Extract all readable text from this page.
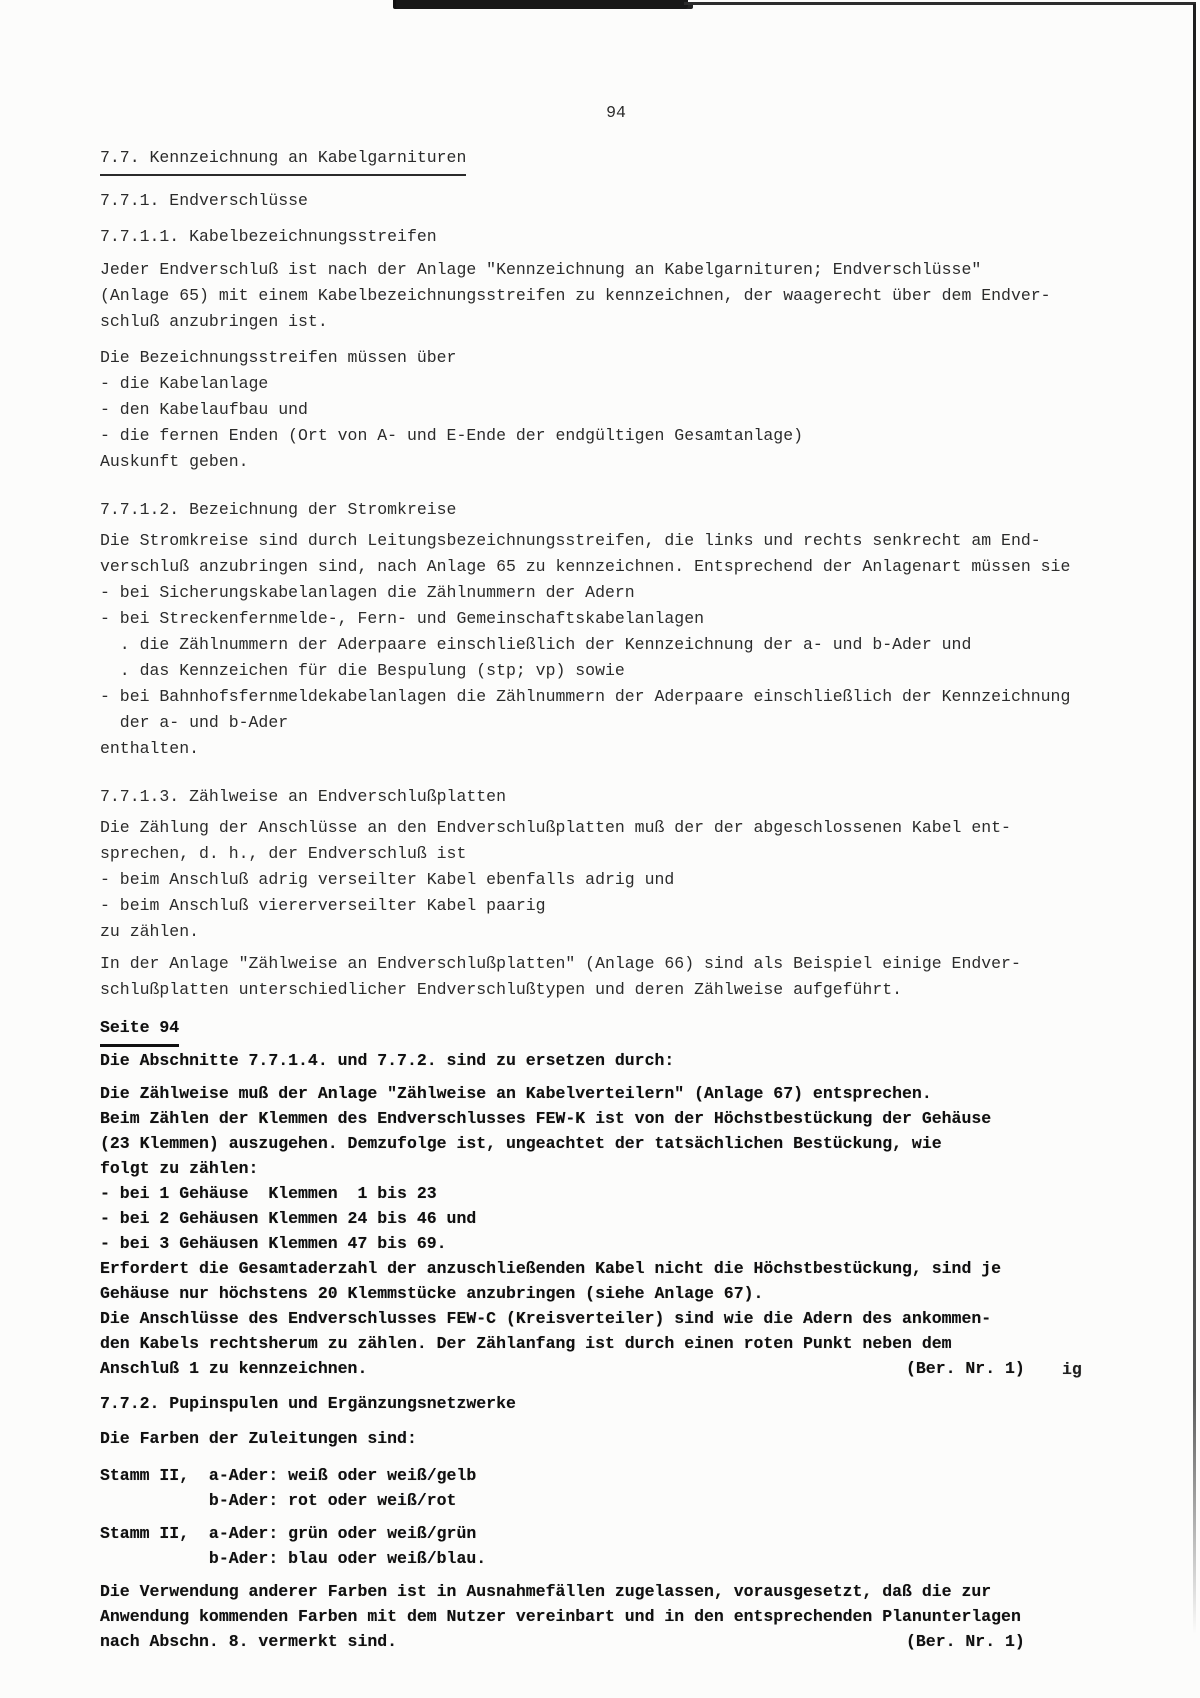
94
7.7. Kennzeichnung an Kabelgarnituren
7.7.1. Endverschlüsse
7.7.1.1. Kabelbezeichnungsstreifen
Jeder Endverschluß ist nach der Anlage "Kennzeichnung an Kabelgarnituren; Endverschlüsse"
(Anlage 65) mit einem Kabelbezeichnungsstreifen zu kennzeichnen, der waagerecht über dem Endver-
schluß anzubringen ist.
Die Bezeichnungsstreifen müssen über
- die Kabelanlage
- den Kabelaufbau und
- die fernen Enden (Ort von A- und E-Ende der endgültigen Gesamtanlage)
Auskunft geben.
7.7.1.2. Bezeichnung der Stromkreise
Die Stromkreise sind durch Leitungsbezeichnungsstreifen, die links und rechts senkrecht am End-
verschluß anzubringen sind, nach Anlage 65 zu kennzeichnen. Entsprechend der Anlagenart müssen sie
- bei Sicherungskabelanlagen die Zählnummern der Adern
- bei Streckenfernmelde-, Fern- und Gemeinschaftskabelanlagen
. die Zählnummern der Aderpaare einschließlich der Kennzeichnung der a- und b-Ader und
. das Kennzeichen für die Bespulung (stp; vp) sowie
- bei Bahnhofsfernmeldekabelanlagen die Zählnummern der Aderpaare einschließlich der Kennzeichnung
der a- und b-Ader
enthalten.
7.7.1.3. Zählweise an Endverschlußplatten
Die Zählung der Anschlüsse an den Endverschlußplatten muß der der abgeschlossenen Kabel ent-
sprechen, d. h., der Endverschluß ist
- beim Anschluß adrig verseilter Kabel ebenfalls adrig und
- beim Anschluß viererverseilter Kabel paarig
zu zählen.
In der Anlage "Zählweise an Endverschlußplatten" (Anlage 66) sind als Beispiel einige Endver-
schlußplatten unterschiedlicher Endverschlußtypen und deren Zählweise aufgeführt.
Seite 94
Die Abschnitte 7.7.1.4. und 7.7.2. sind zu ersetzen durch:
Die Zählweise muß der Anlage "Zählweise an Kabelverteilern" (Anlage 67) entsprechen.
Beim Zählen der Klemmen des Endverschlusses FEW-K ist von der Höchstbestückung der Gehäuse
(23 Klemmen) auszugehen. Demzufolge ist, ungeachtet der tatsächlichen Bestückung, wie
folgt zu zählen:
- bei 1 Gehäuse  Klemmen  1 bis 23
- bei 2 Gehäusen Klemmen 24 bis 46 und
- bei 3 Gehäusen Klemmen 47 bis 69.
Erfordert die Gesamtaderzahl der anzuschließenden Kabel nicht die Höchstbestückung, sind je
Gehäuse nur höchstens 20 Klemmstücke anzubringen (siehe Anlage 67).
Die Anschlüsse des Endverschlusses FEW-C (Kreisverteiler) sind wie die Adern des ankommen-
den Kabels rechtsherum zu zählen. Der Zählanfang ist durch einen roten Punkt neben dem
Anschluß 1 zu kennzeichnen.	(Ber. Nr. 1) ig
7.7.2. Pupinspulen und Ergänzungsnetzwerke
Die Farben der Zuleitungen sind:
Stamm II,  a-Ader: weiß oder weiß/gelb
b-Ader: rot oder weiß/rot
Stamm II,  a-Ader: grün oder weiß/grün
b-Ader: blau oder weiß/blau.
Die Verwendung anderer Farben ist in Ausnahmefällen zugelassen, vorausgesetzt, daß die zur
Anwendung kommenden Farben mit dem Nutzer vereinbart und in den entsprechenden Planunterlagen
nach Abschn. 8. vermerkt sind.	(Ber. Nr. 1)
